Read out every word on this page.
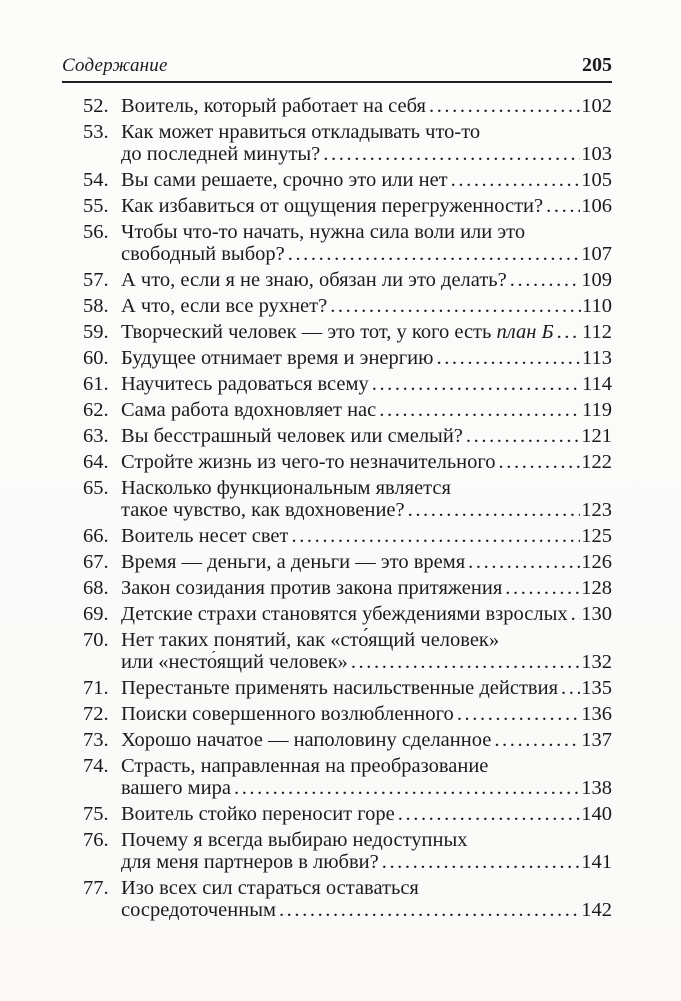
Содержание	205
52. Воитель, который работает на себя .....	102
53. Как может нравиться откладывать что-то
до последней минуты? .....	103
54. Вы сами решаете, срочно это или нет .....	105
55. Как избавиться от ощущения перегруженности? ..... 106
56. Чтобы что-то начать, нужна сила воли или это
свободный выбор? .....	107
57. А что, если я не знаю, обязан ли это делать? .....	109
58. А что, если все рухнет? .....	110
59. Творческий человек — это тот, у кого есть план Б ..... 112
60. Будущее отнимает время и энергию .....	113
61. Научитесь радоваться всему .....	114
62. Сама работа вдохновляет нас .....	119
63. Вы бесстрашный человек или смелый? .....	121
64. Стройте жизнь из чего-то незначительного .....	122
65. Насколько функциональным является
такое чувство, как вдохновение? .....	123
66. Воитель несет свет .....	125
67. Время — деньги, а деньги — это время .....	126
68. Закон созидания против закона притяжения .....	128
69. Детские страхи становятся убеждениями взрослых ..... 130
70. Нет таких понятий, как «сто́ящий человек»
или «несто́ящий человек» .....	132
71. Перестаньте применять насильственные действия ..... 135
72. Поиски совершенного возлюбленного .....	136
73. Хорошо начатое — наполовину сделанное .....	137
74. Страсть, направленная на преобразование
вашего мира .....	138
75. Воитель стойко переносит горе .....	140
76. Почему я всегда выбираю недоступных
для меня партнеров в любви? .....	141
77. Изо всех сил стараться оставаться
сосредоточенным .....	142
